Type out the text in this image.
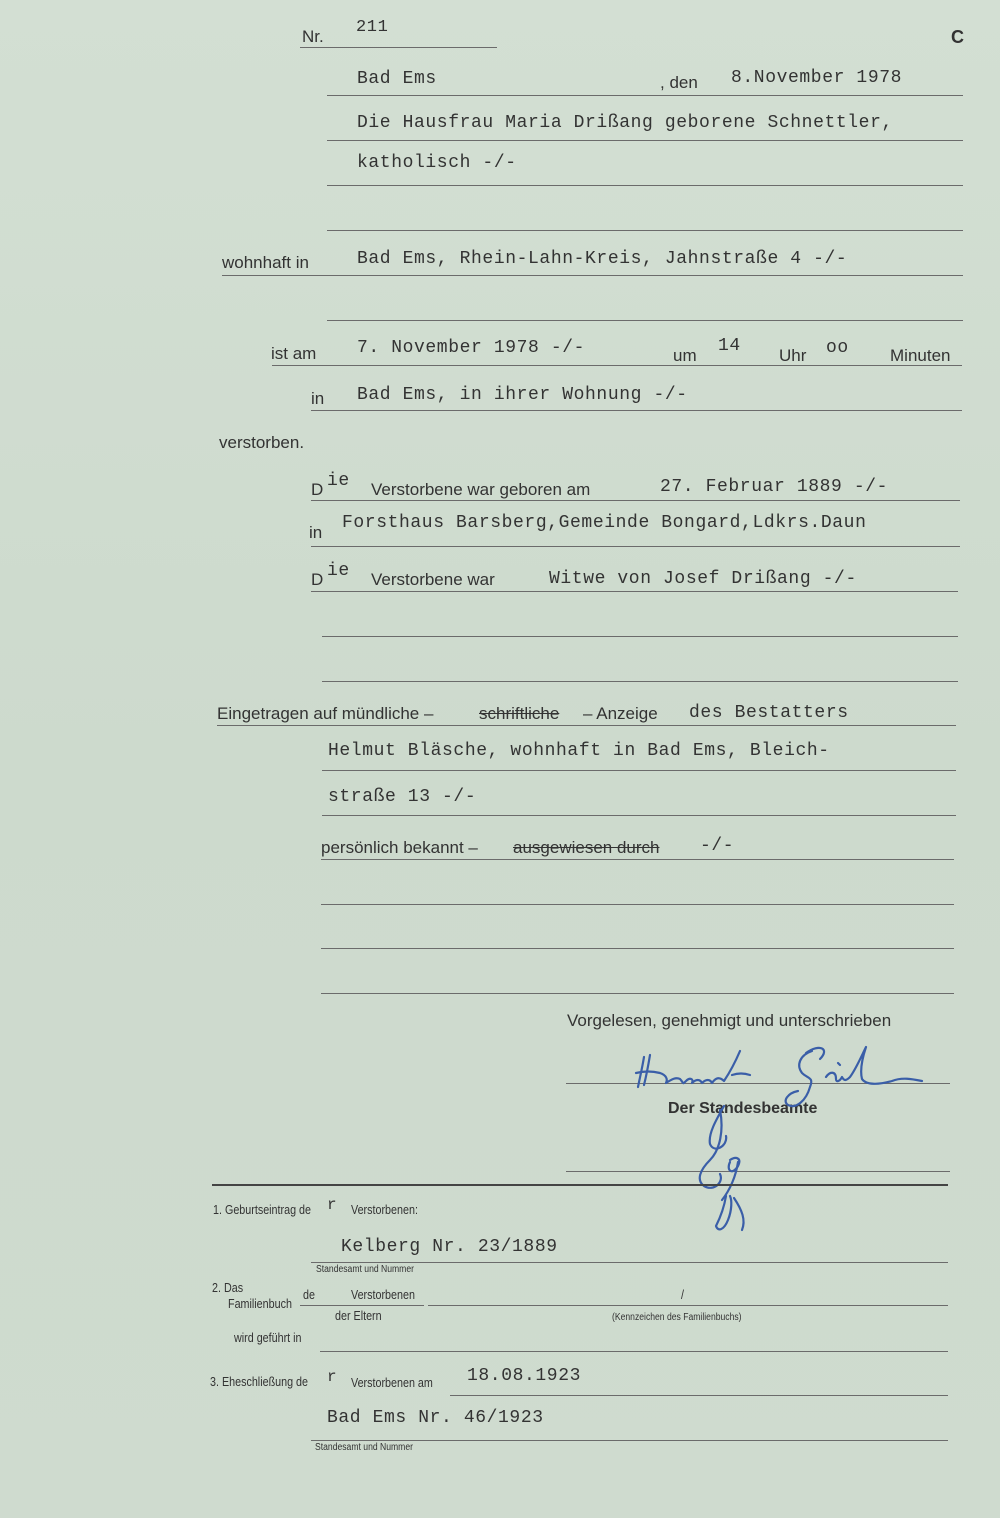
Nr. 211	C
Bad Ems	, den 8.November 1978
Die Hausfrau Maria Drißang geborene Schnettler,
katholisch -/-
wohnhaft in	Bad Ems, Rhein-Lahn-Kreis, Jahnstraße 4 -/-
ist am 7. November 1978 -/-	um 14 Uhr oo Minuten
in Bad Ems, in ihrer Wohnung -/-
verstorben.
D ie Verstorbene war geboren am	27. Februar 1889 -/-
in Forsthaus Barsberg,Gemeinde Bongard,Ldkrs.Daun
D ie Verstorbene war	Witwe von Josef Drißang -/-
Eingetragen auf mündliche –	schriftliche – Anzeige des Bestatters
Helmut Bläsche, wohnhaft in Bad Ems, Bleich-
straße 13 -/-
persönlich bekannt – ausgewiesen durch -/-
Vorgelesen, genehmigt und unterschrieben
Der Standesbeamte
1. Geburtseintrag de r Verstorbenen:
Kelberg Nr. 23/1889
Standesamt und Nummer
2. Das
Familienbuch
de	Verstorbenen
der Eltern
/
(Kennzeichen des Familienbuchs)
wird geführt in
3. Eheschließung de r Verstorbenen am 18.08.1923
Bad Ems Nr. 46/1923
Standesamt und Nummer
